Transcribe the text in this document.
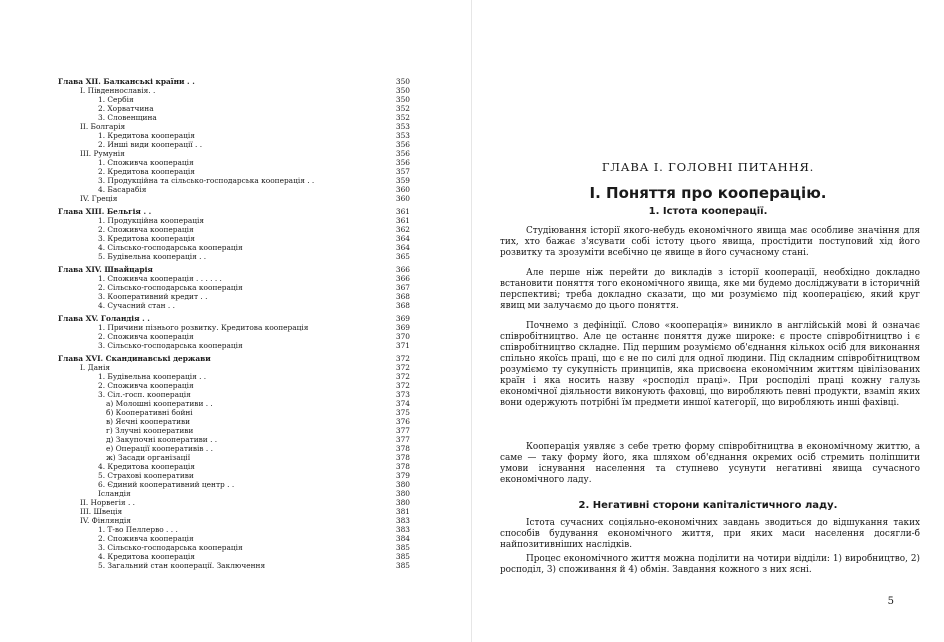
Глава XII. Балканські країни . .	350
I. Південнославія. .	350
1. Сербія	350
2. Хорватчина	352
3. Словенщина	352
II. Болгарія	353
1. Кредитова кооперація	353
2. Инші види кооперації . .	356
III. Румунія	356
1. Споживча кооперація	356
2. Кредитова кооперація	357
3. Продукційна та сільсько-господарська кооперація . .	359
4. Басарабія	360
IV. Греція	360
Глава XIII. Бельгія . .	361
1. Продукційна кооперація	361
2. Споживча кооперація	362
3. Кредитова кооперація	364
4. Сільсько-господарська кооперація	364
5. Будівельна кооперація . .	365
Глава XIV. Швайцарія	366
1. Споживча кооперація . . . . . .	366
2. Сільсько-господарська кооперація	367
3. Кооперативний кредит . .	368
4. Сучасний стан . .	368
Глава XV. Голандія . .	369
1. Причини пізнього розвитку. Кредитова кооперація	369
2. Споживча кооперація	370
3. Сільсько-господарська кооперація	371
Глава XVI. Скандинавські держави	372
I. Данія	372
1. Будівельна кооперація . .	372
2. Споживча кооперація	372
3. Сіл.-госп. кооперація	373
а) Молошні кооперативи . .	374
б) Кооперативні бойні	375
в) Яєчні кооперативи	376
г) Злучні кооперативи	377
д) Закупочні кооперативи . .	377
е) Операції кооперативів . .	378
ж) Засади організації	378
4. Кредитова кооперація	378
5. Страхові кооперативи	379
6. Єдиний кооперативний центр . .	380
Ісландія	380
II. Норвегія . .	380
III. Швеція	381
IV. Фінляндія	383
1. Т-во Пеллерво . . .	383
2. Споживча кооперація	384
3. Сільсько-господарська кооперація	385
4. Кредитова кооперація	385
5. Загальний стан кооперації. Заключення	385
ГЛАВА І. ГОЛОВНІ ПИТАННЯ.
І. Поняття про кооперацію.
1. Істота кооперації.

Студіювання історії якого-небудь економічного явища має особливе значіння для тих, хто бажає з'ясувати собі істоту цього явища, простідити поступовий хід його розвитку та зрозуміти всебічно це явище в його сучасному стані.

Але перше ніж перейти до викладів з історії кооперації, необхідно докладно встановити поняття того економічного явища, яке ми будемо досліджувати в історичній перспективі; треба докладно сказати, що ми розуміємо під кооперацією, який круг явищ ми залучаємо до цього поняття.

Почнемо з дефініції. Слово «кооперація» виникло в англійській мові й означає співробітництво. Але це останнє поняття дуже широке: є просте співробітництво і є співробітництво складне. Під першим розуміємо об'єднання кількох осіб для виконання спільно якоїсь праці, що є не по силі для одної людини. Під складним співробітництвом розуміємо ту сукупність принципів, яка присвоєна економічним життям цівілізованих країн і яка носить назву «росподіл праці». При росподілі праці кожну галузь економічної діяльности виконують фаховці, що виробляють певні продукти, взаміп яких вони одержують потрібні їм предмети иншої категорії, що виробляють инші фахівці.

Кооперація уявляє з себе третю форму співробітництва в економічному життю, а саме — таку форму його, яка шляхом об'єднання окремих осіб стремить поліпшити умови існування населення та ступнево усунути негативні явища сучасного економічного ладу.

2. Негативні сторони капіталістичного ладу.

Істота сучасних соціяльно-економічних завдань зводиться до відшукання таких способів будування економічного життя, при яких маси населення досягли-б найпозитивніших наслідків.

Процес економічного життя можна поділити на чотири відділи: 1) виробництво, 2) росподіл, 3) споживання й 4) обмін. Завдання кожного з них ясні.

5
